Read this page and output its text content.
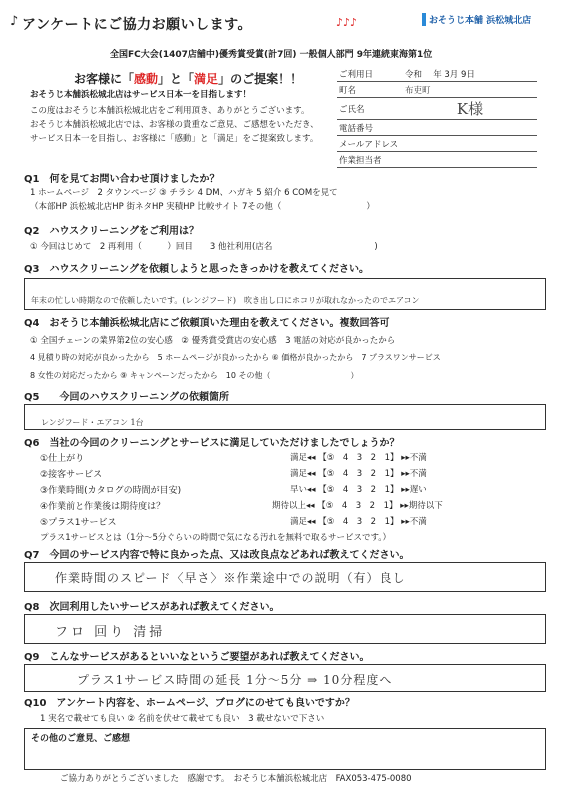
♪ アンケートにご協力お願いします。	♪♪♪	おそうじ本舗 浜松城北店
全国FC大会(1407店舗中)優秀賞受賞(計7回) 一般個人部門 9年連続東海第1位
お客様に「感動」と「満足」のご提案！！
おそうじ本舗浜松城北店はサービス日本一を目指します！
この度はおそうじ本舗浜松城北店をご利用頂き、ありがとうございます。
おそうじ本舗浜松城北店では、お客様の貴重なご意見、ご感想をいただき、
サービス日本一を目指し、お客様に「感動」と「満足」をご提案致します。
ご利用日	令和 　年 3月 9日
町名	布吏町
ご氏名	K様
電話番号	
メールアドレス	
作業担当者	
Q1　何を見てお問い合わせ頂けましたか？
1 ホームページ　2 タウンページ ③ チラシ 4 DM、ハガキ 5 紹介 6 COMを見て
（本部HP 浜松城北店HP 街ネタHP 実積HP 比較サイト 7その他（　　　　　　　　　　）
Q2　ハウスクリーニングをご利用は？
① 今回はじめて　2 再利用（　　　）回目　　3 他社利用(店名　　　　　　　　　　　　)
Q3　ハウスクリーニングを依頼しようと思ったきっかけを教えてください。
年末の忙しい時期なので依頼したいです。(レンジフード)　吹き出し口にホコリが取れなかったのでエアコン
Q4　おそうじ本舗浜松城北店にご依頼頂いた理由を教えてください。複数回答可
① 全国チェーンの業界第2位の安心感　② 優秀賞受賞店の安心感　3 電話の対応が良かったから
4 見積り時の対応が良かったから　5 ホームページが良かったから ⑥ 価格が良かったから　7 プラスワンサービス
8 女性の対応だったから ⑨ キャンペーンだったから　10 その他（　　　　　　　　　　）
Q5　　今回のハウスクリーニングの依頼箇所
レンジフード・エアコン 1台
Q6　当社の今回のクリーニングとサービスに満足していただけましたでしょうか？
①仕上がり	満足◂◂ 【⑤　4　3　2　1】 ▸▸不満
②接客サービス	満足◂◂ 【⑤　4　3　2　1】 ▸▸不満
③作業時間(カタログの時間が目安)	早い◂◂ 【⑤　4　3　2　1】 ▸▸遅い
④作業前と作業後は期待度は？	期待以上◂◂ 【⑤　4　3　2　1】 ▸▸期待以下
⑤プラス1サービス	満足◂◂ 【⑤　4　3　2　1】 ▸▸不満
プラス1サービスとは（1分～5分ぐらいの時間で気になる汚れを無料で取るサービスです。）
Q7　今回のサービス内容で特に良かった点、又は改良点などあれば教えてください。
作業時間のスピード〈早さ〉※作業途中での説明（有）良し
Q8　次回利用したいサービスがあれば教えてください。
フロ 回り 清掃
Q9　こんなサービスがあるといいなというご要望があれば教えてください。
プラス1サービス時間の延長 1分～5分 ⇒ 10分程度へ
Q10　アンケート内容を、ホームページ、ブログにのせても良いですか？
1 実名で載せても良い ② 名前を伏せて載せても良い　3 載せないで下さい
その他のご意見、ご感想
ご協力ありがとうございました　感謝です。　おそうじ本舗浜松城北店　FAX053-475-0080
